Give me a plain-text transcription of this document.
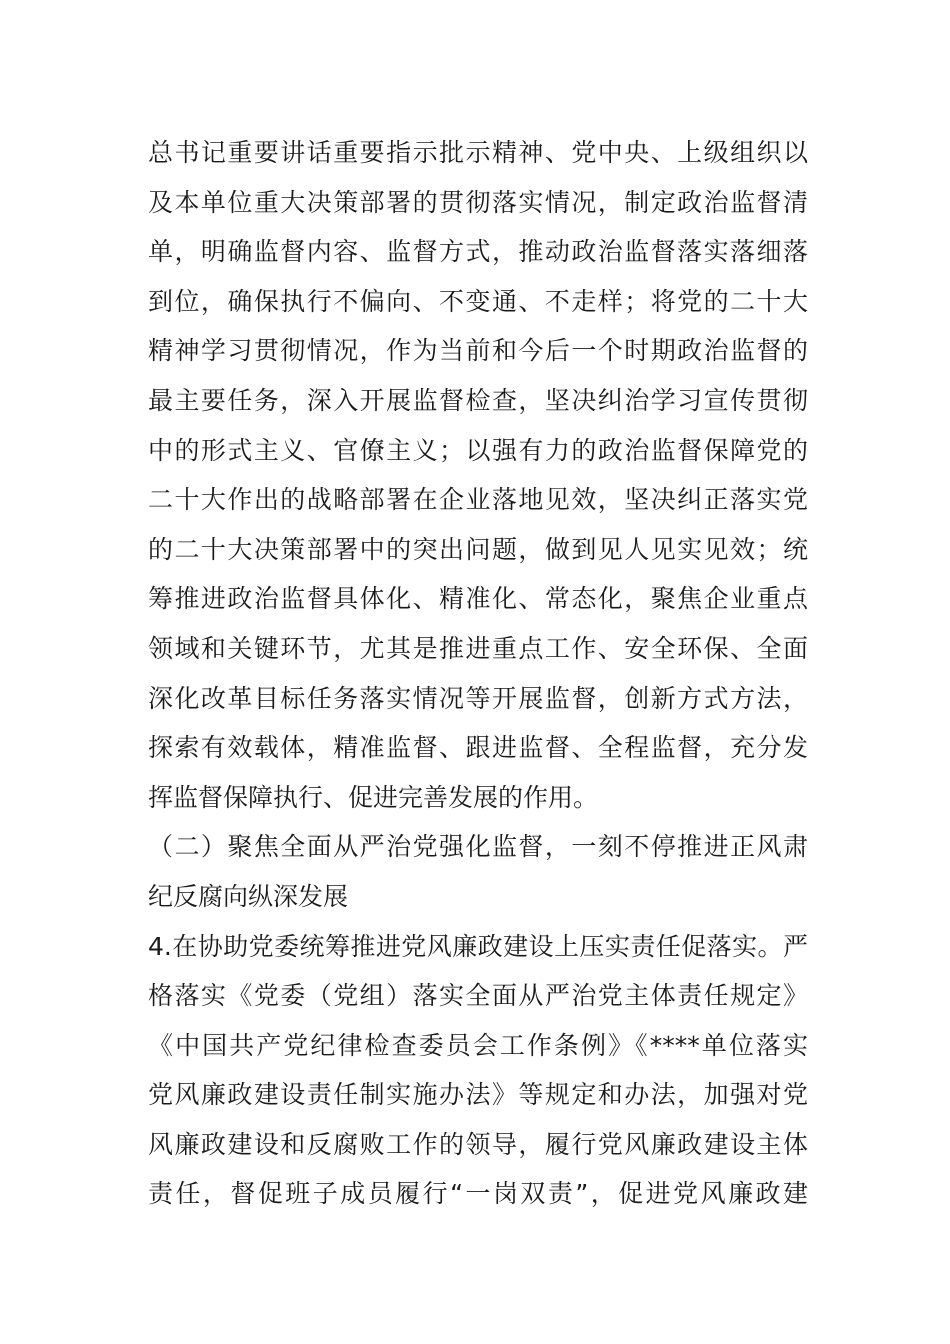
总书记重要讲话重要指示批示精神、党中央、上级组织以
及本单位重大决策部署的贯彻落实情况，制定政治监督清
单，明确监督内容、监督方式，推动政治监督落实落细落
到位，确保执行不偏向、不变通、不走样；将党的二十大
精神学习贯彻情况，作为当前和今后一个时期政治监督的
最主要任务，深入开展监督检查，坚决纠治学习宣传贯彻
中的形式主义、官僚主义；以强有力的政治监督保障党的
二十大作出的战略部署在企业落地见效，坚决纠正落实党
的二十大决策部署中的突出问题，做到见人见实见效；统
筹推进政治监督具体化、精准化、常态化，聚焦企业重点
领域和关键环节，尤其是推进重点工作、安全环保、全面
深化改革目标任务落实情况等开展监督，创新方式方法，
探索有效载体，精准监督、跟进监督、全程监督，充分发
挥监督保障执行、促进完善发展的作用。
（二）聚焦全面从严治党强化监督，一刻不停推进正风肃
纪反腐向纵深发展
4.在协助党委统筹推进党风廉政建设上压实责任促落实。严
格落实《党委（党组）落实全面从严治党主体责任规定》
《中国共产党纪律检查委员会工作条例》《****单位落实
党风廉政建设责任制实施办法》等规定和办法，加强对党
风廉政建设和反腐败工作的领导，履行党风廉政建设主体
责任，督促班子成员履行“一岗双责”，促进党风廉政建
